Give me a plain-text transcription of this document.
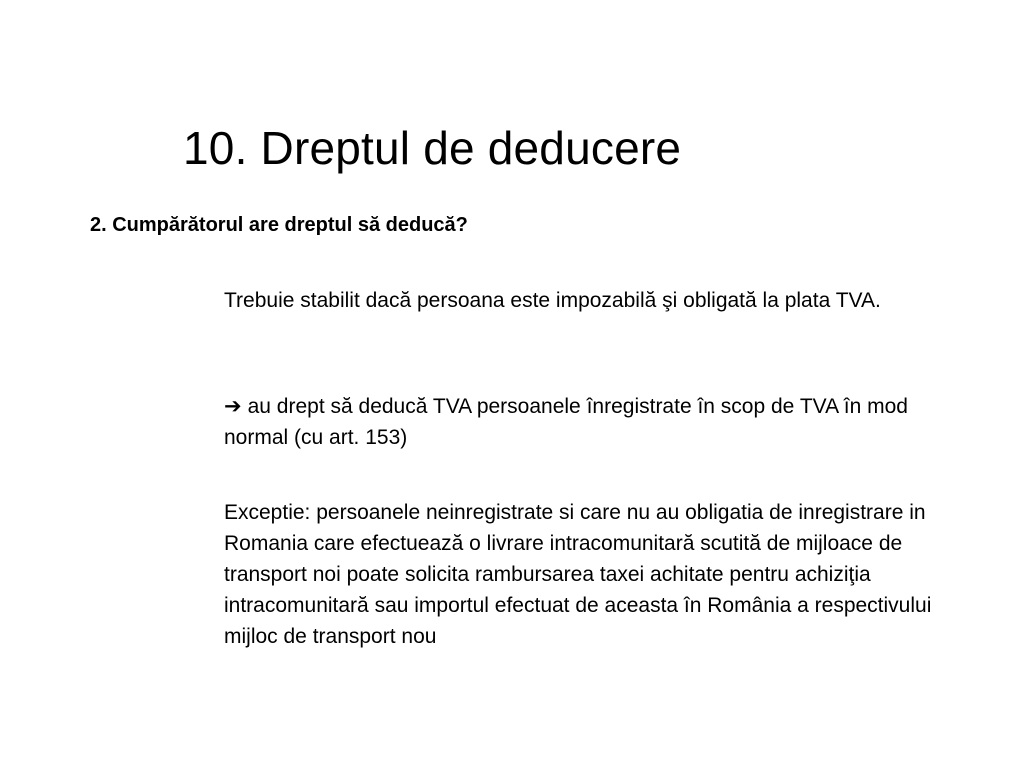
10. Dreptul de deducere

2. Cumpărătorul are dreptul să deducă?

Trebuie stabilit dacă persoana este impozabilă şi obligată la plata TVA.

➔ au drept să deducă TVA persoanele înregistrate în scop de TVA în mod normal (cu art. 153)

Exceptie: persoanele neinregistrate si care nu au obligatia de inregistrare in Romania care efectuează o livrare intracomunitară scutită de mijloace de transport noi poate solicita rambursarea taxei achitate pentru achiziţia intracomunitară sau importul efectuat de aceasta în România a respectivului mijloc de transport nou
